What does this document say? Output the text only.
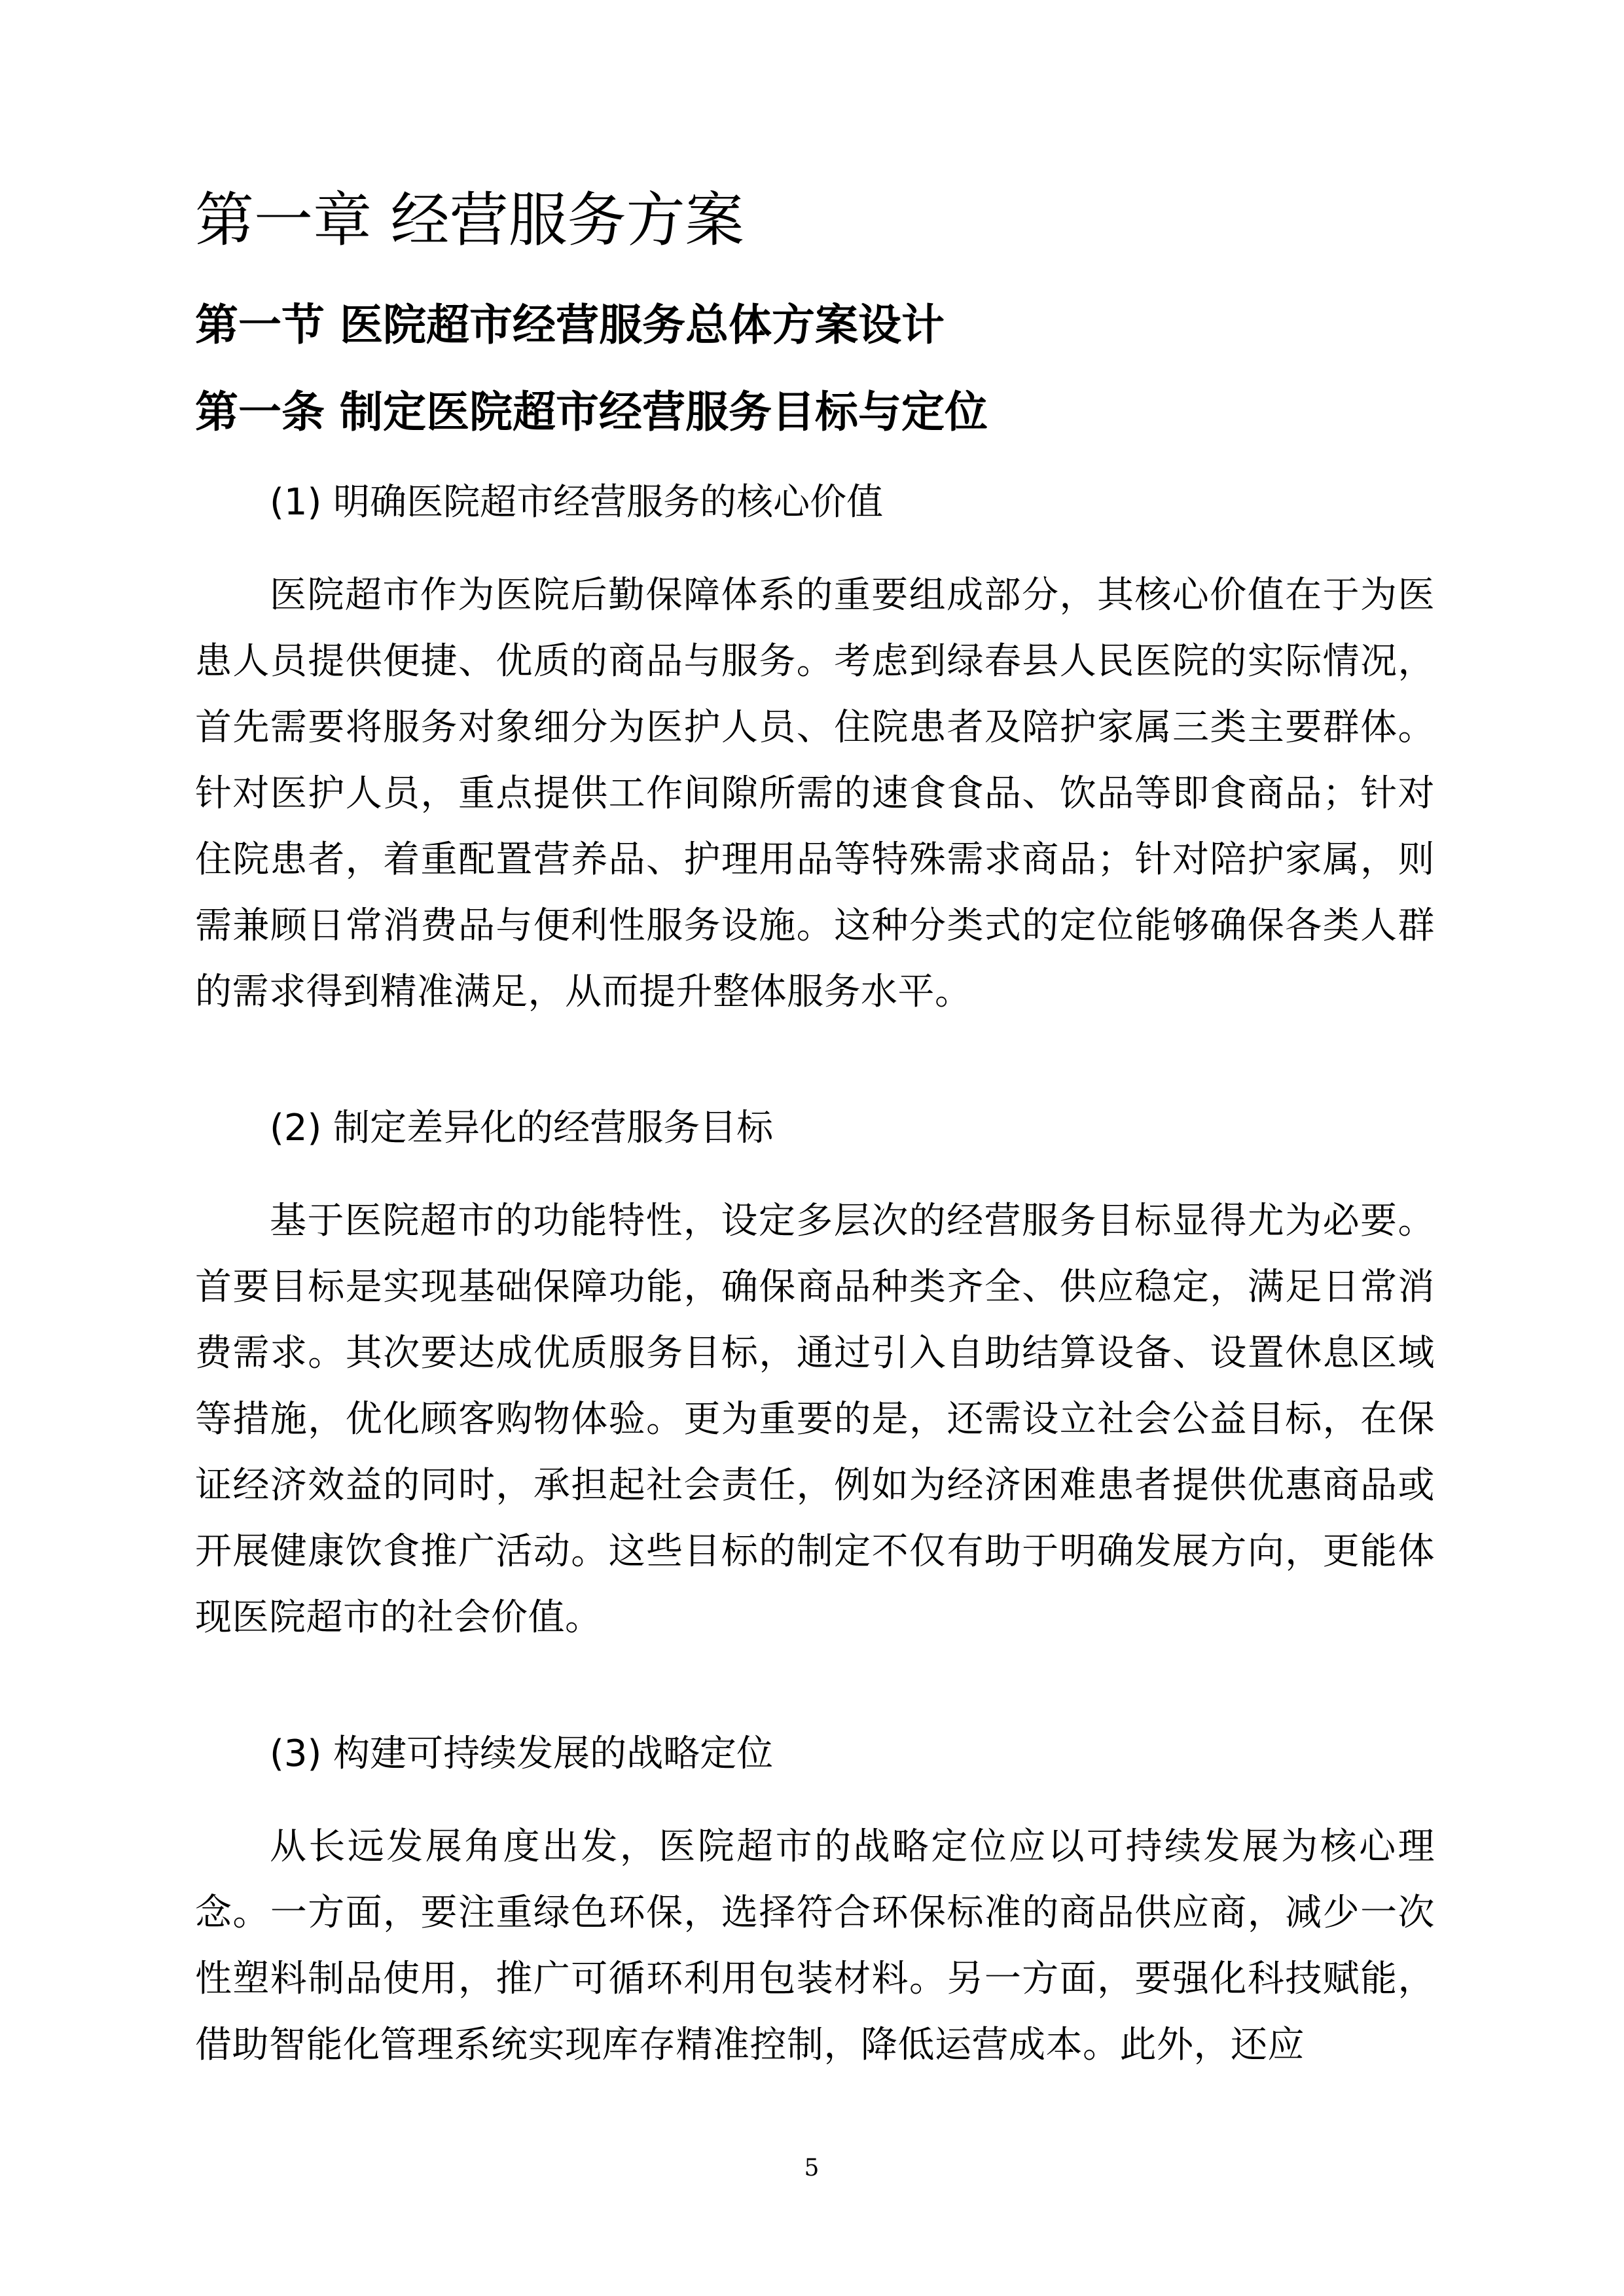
第一章 经营服务方案
第一节 医院超市经营服务总体方案设计
第一条 制定医院超市经营服务目标与定位

(1) 明确医院超市经营服务的核心价值

医院超市作为医院后勤保障体系的重要组成部分，其核心价值在于为医患人员提供便捷、优质的商品与服务。考虑到绿春县人民医院的实际情况，首先需要将服务对象细分为医护人员、住院患者及陪护家属三类主要群体。针对医护人员，重点提供工作间隙所需的速食食品、饮品等即食商品；针对住院患者，着重配置营养品、护理用品等特殊需求商品；针对陪护家属，则需兼顾日常消费品与便利性服务设施。这种分类式的定位能够确保各类人群的需求得到精准满足，从而提升整体服务水平。

(2) 制定差异化的经营服务目标

基于医院超市的功能特性，设定多层次的经营服务目标显得尤为必要。首要目标是实现基础保障功能，确保商品种类齐全、供应稳定，满足日常消费需求。其次要达成优质服务目标，通过引入自助结算设备、设置休息区域等措施，优化顾客购物体验。更为重要的是，还需设立社会公益目标，在保证经济效益的同时，承担起社会责任，例如为经济困难患者提供优惠商品或开展健康饮食推广活动。这些目标的制定不仅有助于明确发展方向，更能体现医院超市的社会价值。

(3) 构建可持续发展的战略定位

从长远发展角度出发，医院超市的战略定位应以可持续发展为核心理念。一方面，要注重绿色环保，选择符合环保标准的商品供应商，减少一次性塑料制品使用，推广可循环利用包装材料。另一方面，要强化科技赋能，借助智能化管理系统实现库存精准控制，降低运营成本。此外，还应

5
